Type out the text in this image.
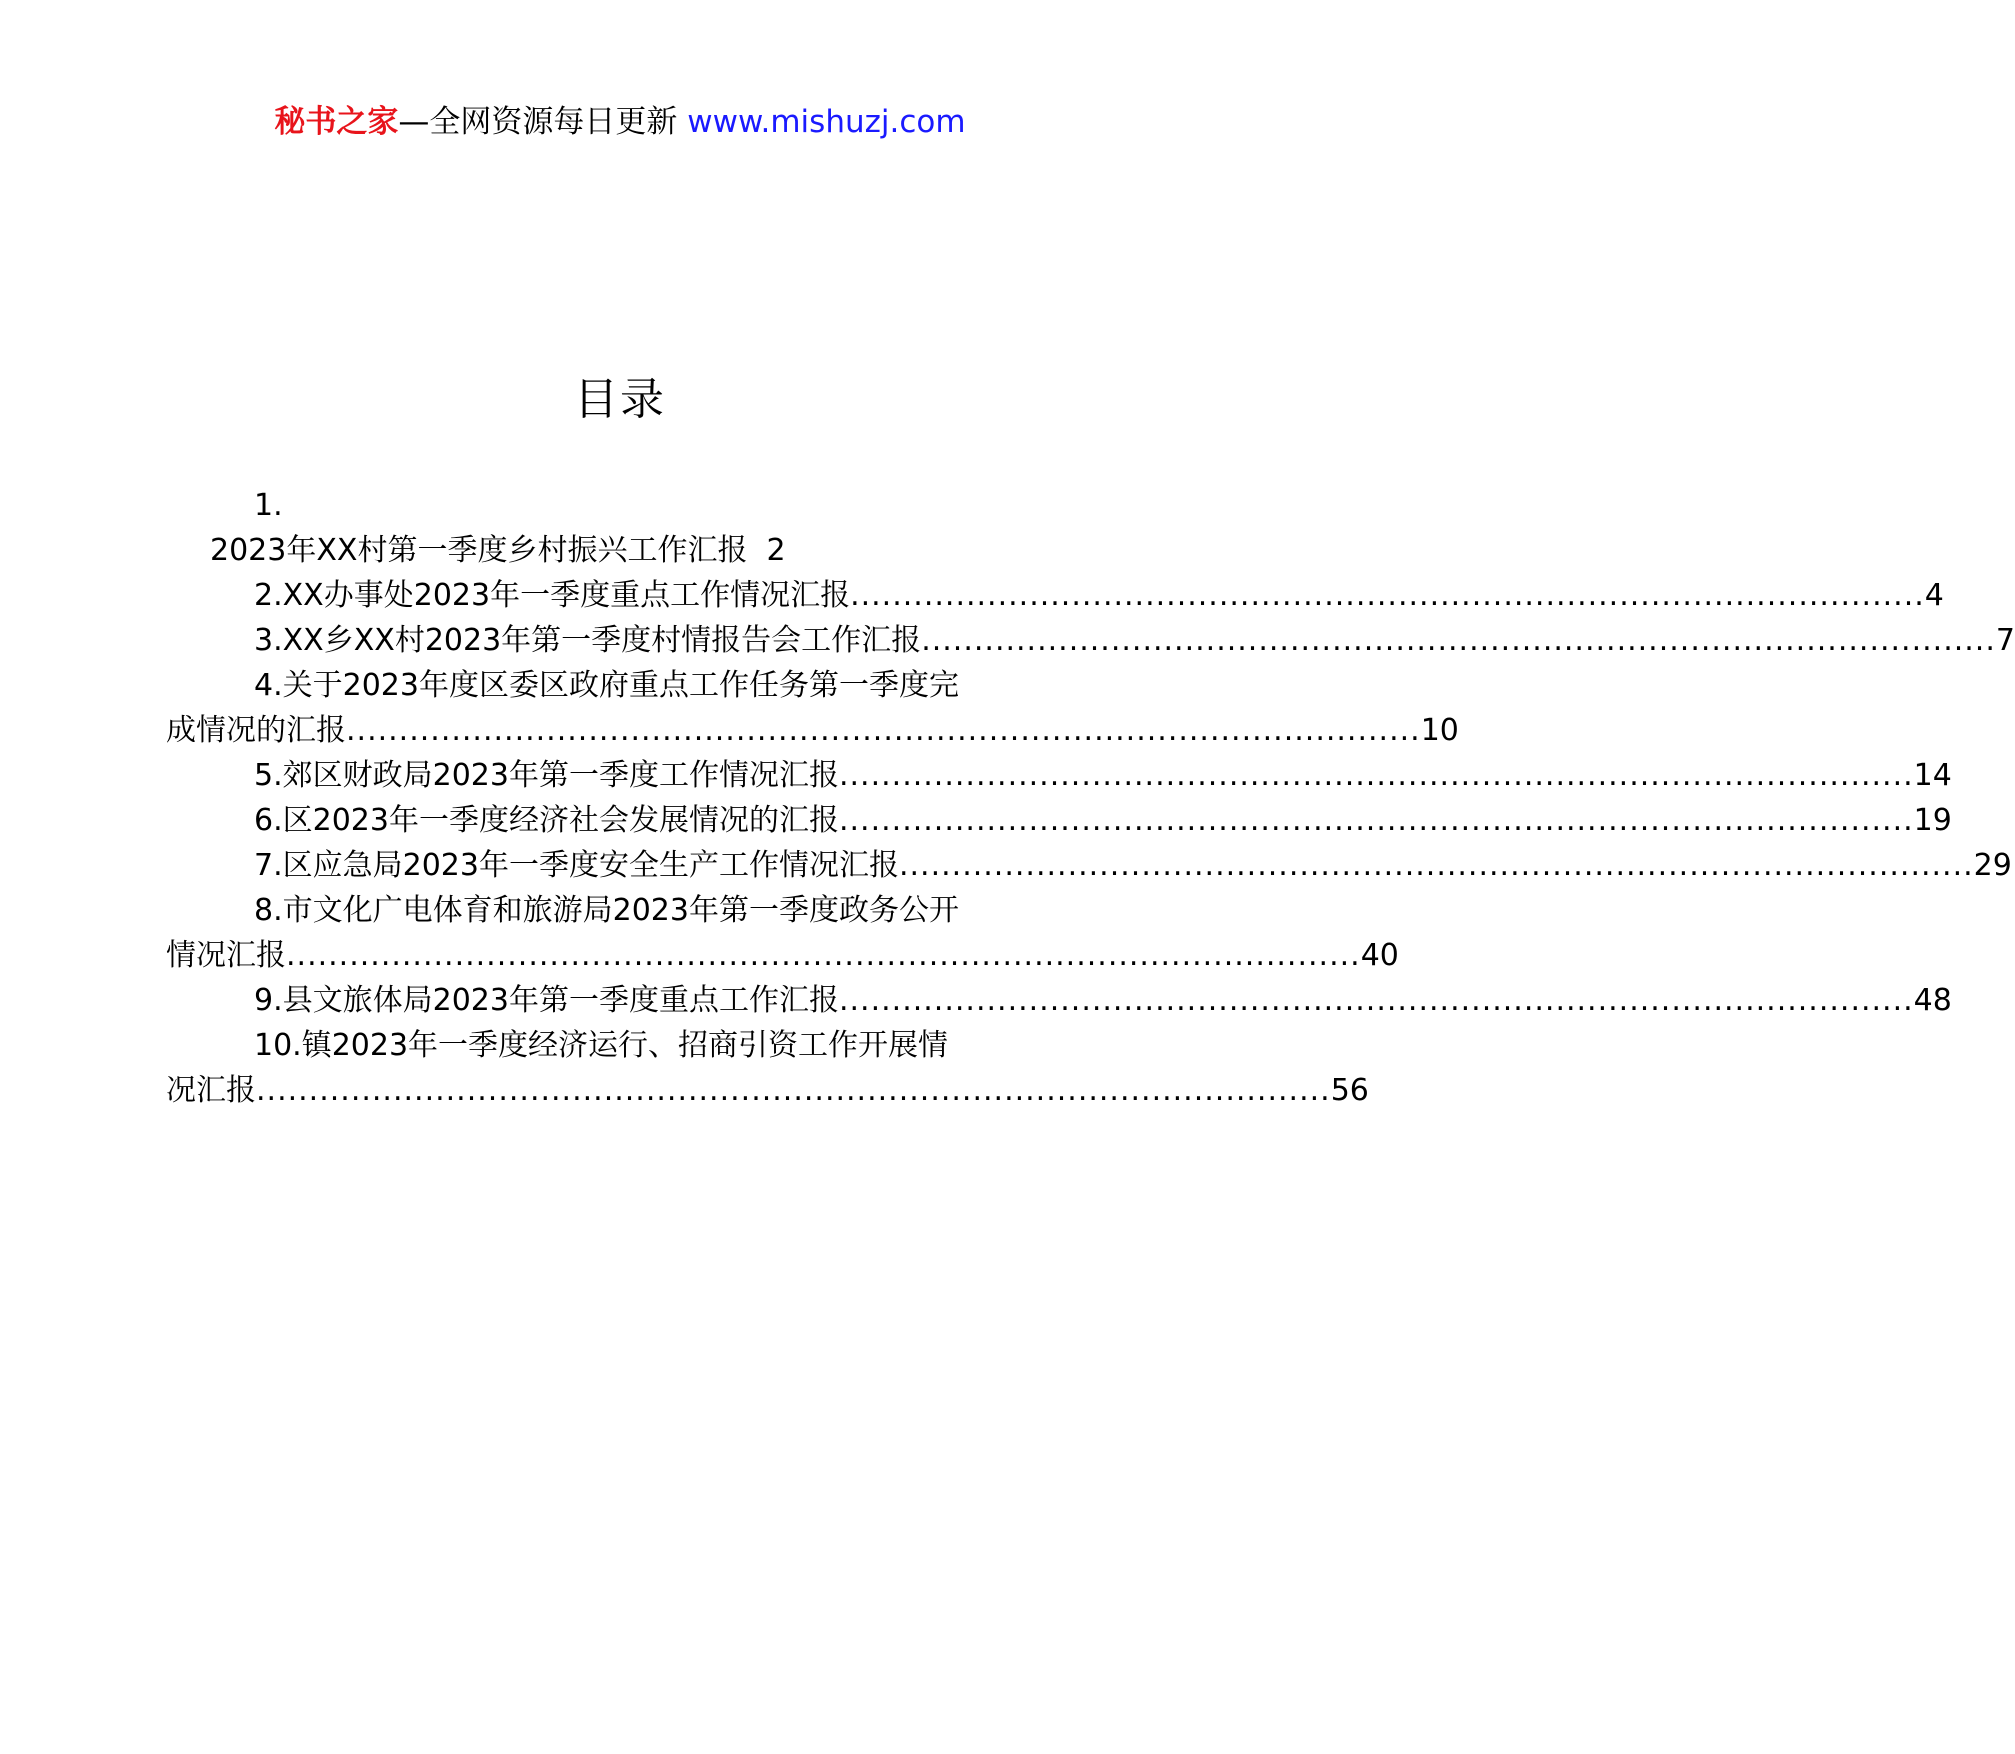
秘书之家—全网资源每日更新 www.mishuzj.com
目录
1.
2023年XX村第一季度乡村振兴工作汇报 2
2.XX办事处2023年一季度重点工作情况汇报 ...................................................................................................... 4
3.XX乡XX村2023年第一季度村情报告会工作汇报 ...................................................................................................... 7
4.关于2023年度区委区政府重点工作任务第一季度完
成情况的汇报 ...................................................................................................... 10
5.郊区财政局2023年第一季度工作情况汇报 ...................................................................................................... 14
6.区2023年一季度经济社会发展情况的汇报 ...................................................................................................... 19
7.区应急局2023年一季度安全生产工作情况汇报 ...................................................................................................... 29
8.市文化广电体育和旅游局2023年第一季度政务公开
情况汇报 ...................................................................................................... 40
9.县文旅体局2023年第一季度重点工作汇报 ...................................................................................................... 48
10.镇2023年一季度经济运行、招商引资工作开展情
况汇报 ...................................................................................................... 56
